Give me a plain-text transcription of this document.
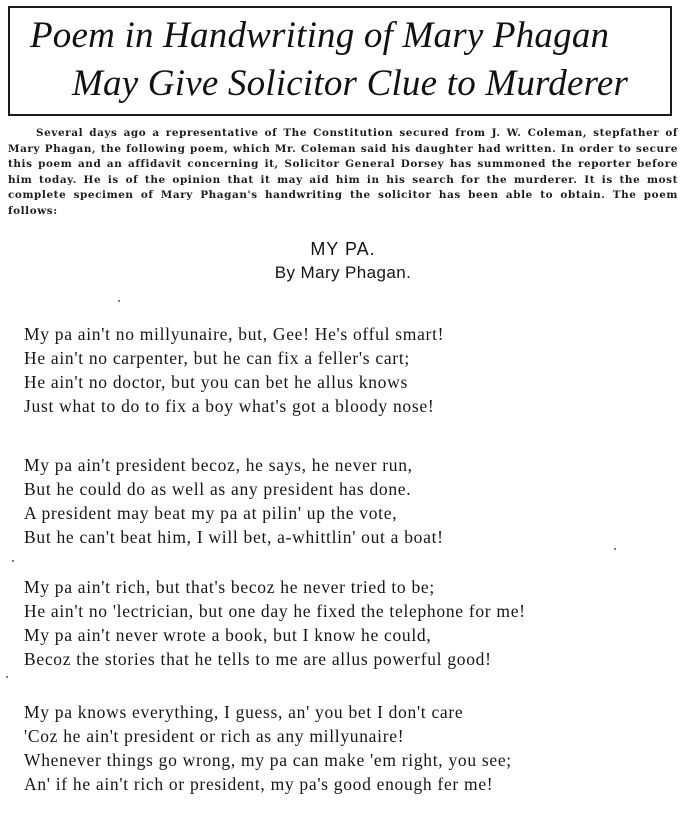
Poem in Handwriting of Mary Phagan
May Give Solicitor Clue to Murderer
Several days ago a representative of The Constitution secured from J. W. Coleman, stepfather of Mary Phagan, the following poem, which Mr. Coleman said his daughter had written. In order to secure this poem and an affidavit concerning it, Solicitor General Dorsey has summoned the reporter before him today. He is of the opinion that it may aid him in his search for the murderer. It is the most complete specimen of Mary Phagan's handwriting the solicitor has been able to obtain. The poem follows:
MY PA.
By Mary Phagan.
My pa ain't no millyunaire, but, Gee! He's offul smart!
He ain't no carpenter, but he can fix a feller's cart;
He ain't no doctor, but you can bet he allus knows
Just what to do to fix a boy what's got a bloody nose!
My pa ain't president becoz, he says, he never run,
But he could do as well as any president has done.
A president may beat my pa at pilin' up the vote,
But he can't beat him, I will bet, a-whittlin' out a boat!
My pa ain't rich, but that's becoz he never tried to be;
He ain't no 'lectrician, but one day he fixed the telephone for me!
My pa ain't never wrote a book, but I know he could,
Becoz the stories that he tells to me are allus powerful good!
My pa knows everything, I guess, an' you bet I don't care
'Coz he ain't president or rich as any millyunaire!
Whenever things go wrong, my pa can make 'em right, you see;
An' if he ain't rich or president, my pa's good enough fer me!
